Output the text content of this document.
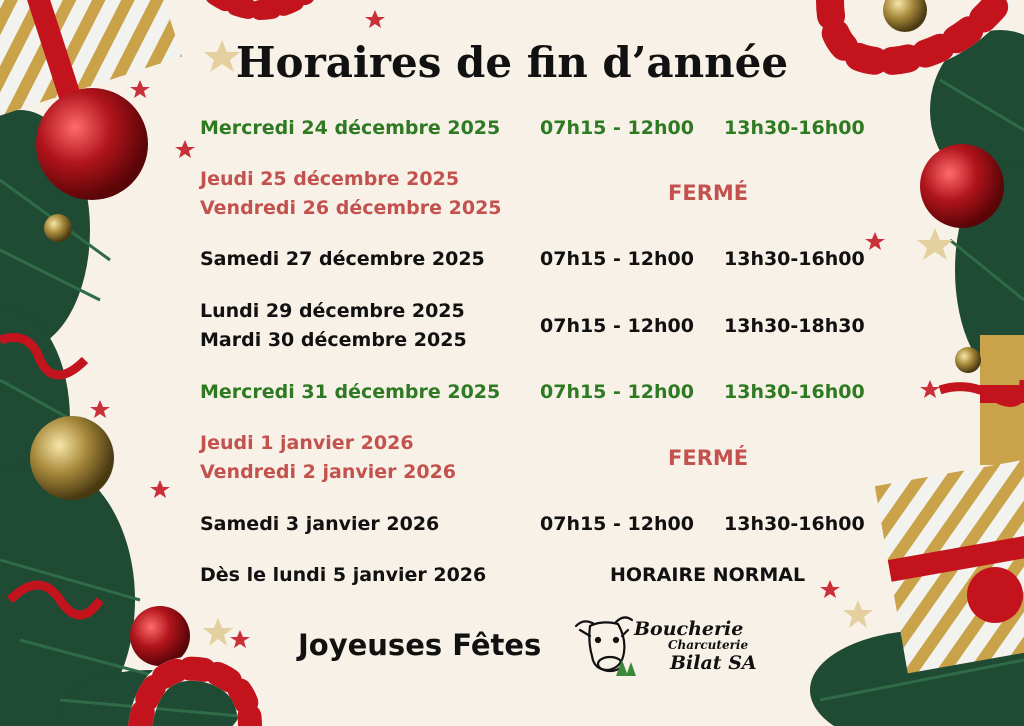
Horaires de fin d’année
Mercredi 24 décembre 2025 07h15 - 12h00 13h30-16h00
Jeudi 25 décembre 2025
Vendredi 26 décembre 2025
FERMÉ
Samedi 27 décembre 2025	07h15 - 12h00 13h30-16h00
Lundi 29 décembre 2025
Mardi 30 décembre 2025
07h15 - 12h00 13h30-18h30
Mercredi 31 décembre 2025 07h15 - 12h00 13h30-16h00
Jeudi 1 janvier 2026
Vendredi 2 janvier 2026
FERMÉ
Samedi 3 janvier 2026	07h15 - 12h00 13h30-16h00
Dès le lundi 5 janvier 2026	HORAIRE NORMAL
Joyeuses Fêtes	Boucherie
Charcuterie
Bilat SA
